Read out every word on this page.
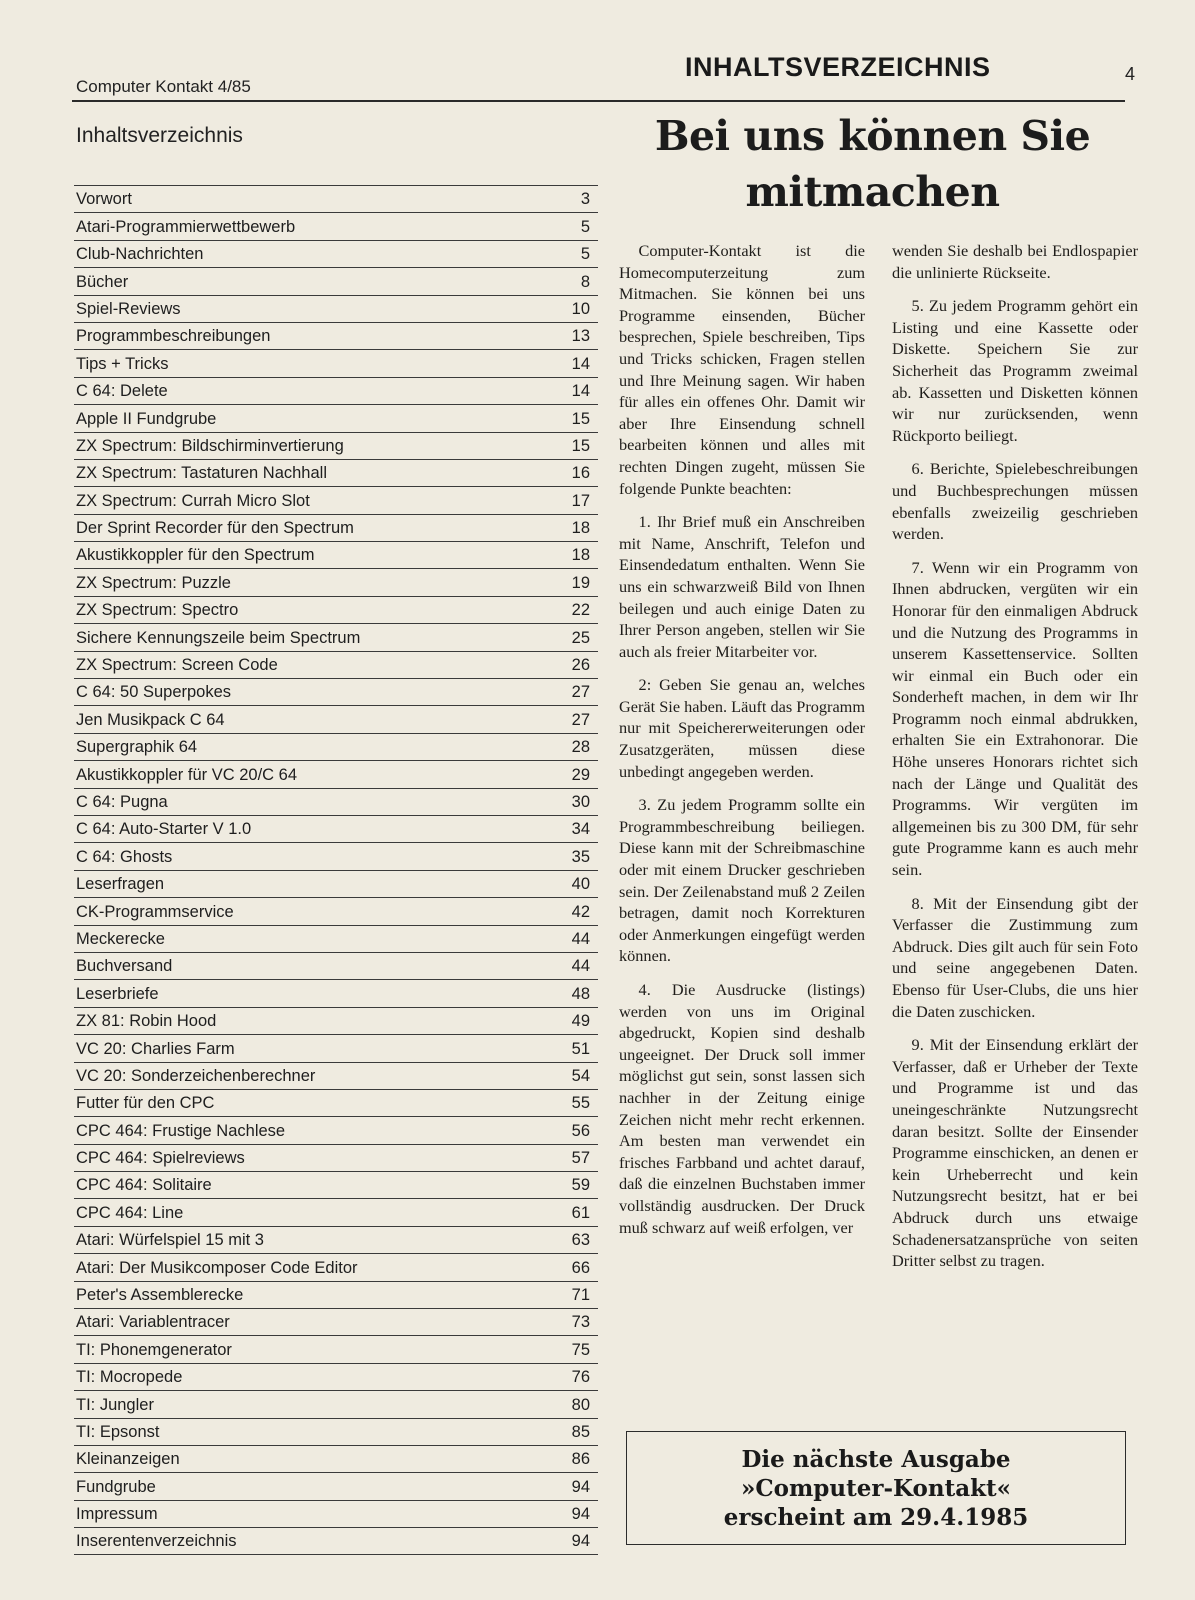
Computer Kontakt 4/85
INHALTSVERZEICHNIS	4
Inhaltsverzeichnis
Vorwort	3
Atari-Programmierwettbewerb	5
Club-Nachrichten	5
Bücher	8
Spiel-Reviews	10
Programmbeschreibungen	13
Tips + Tricks	14
C 64: Delete	14
Apple II Fundgrube	15
ZX Spectrum: Bildschirminvertierung	15
ZX Spectrum: Tastaturen Nachhall	16
ZX Spectrum: Currah Micro Slot	17
Der Sprint Recorder für den Spectrum	18
Akustikkoppler für den Spectrum	18
ZX Spectrum: Puzzle	19
ZX Spectrum: Spectro	22
Sichere Kennungszeile beim Spectrum	25
ZX Spectrum: Screen Code	26
C 64: 50 Superpokes	27
Jen Musikpack C 64	27
Supergraphik 64	28
Akustikkoppler für VC 20/C 64	29
C 64: Pugna	30
C 64: Auto-Starter V 1.0	34
C 64: Ghosts	35
Leserfragen	40
CK-Programmservice	42
Meckerecke	44
Buchversand	44
Leserbriefe	48
ZX 81: Robin Hood	49
VC 20: Charlies Farm	51
VC 20: Sonderzeichenberechner	54
Futter für den CPC	55
CPC 464: Frustige Nachlese	56
CPC 464: Spielreviews	57
CPC 464: Solitaire	59
CPC 464: Line	61
Atari: Würfelspiel 15 mit 3	63
Atari: Der Musikcomposer Code Editor	66
Peter's Assemblerecke	71
Atari: Variablentracer	73
TI: Phonemgenerator	75
TI: Mocropede	76
TI: Jungler	80
TI: Epsonst	85
Kleinanzeigen	86
Fundgrube	94
Impressum	94
Inserentenverzeichnis	94
Bei uns können Sie
mitmachen

Computer-Kontakt ist die Homecomputerzeitung zum Mitmachen. Sie können bei uns Programme einsenden, Bücher besprechen, Spiele beschreiben, Tips und Tricks schicken, Fragen stellen und Ihre Meinung sagen. Wir haben für alles ein offenes Ohr. Damit wir aber Ihre Einsendung schnell bearbeiten können und alles mit rechten Dingen zugeht, müssen Sie folgende Punkte beachten:

1. Ihr Brief muß ein Anschreiben mit Name, Anschrift, Telefon und Einsendedatum enthalten. Wenn Sie uns ein schwarzweiß Bild von Ihnen beilegen und auch einige Daten zu Ihrer Person angeben, stellen wir Sie auch als freier Mitarbeiter vor.

2: Geben Sie genau an, welches Gerät Sie haben. Läuft das Programm nur mit Speichererweiterungen oder Zusatzgeräten, müssen diese unbedingt angegeben werden.

3. Zu jedem Programm sollte ein Programmbeschreibung beiliegen. Diese kann mit der Schreibmaschine oder mit einem Drucker geschrieben sein. Der Zeilenabstand muß 2 Zeilen betragen, damit noch Korrekturen oder Anmerkungen eingefügt werden können.

4. Die Ausdrucke (listings) werden von uns im Original abgedruckt, Kopien sind deshalb ungeeignet. Der Druck soll immer möglichst gut sein, sonst lassen sich nachher in der Zeitung einige Zeichen nicht mehr recht erkennen. Am besten man verwendet ein frisches Farbband und achtet darauf, daß die einzelnen Buchstaben immer vollständig ausdrucken. Der Druck muß schwarz auf weiß erfolgen, ver

wenden Sie deshalb bei Endlospapier die unlinierte Rückseite.

5. Zu jedem Programm gehört ein Listing und eine Kassette oder Diskette. Speichern Sie zur Sicherheit das Programm zweimal ab. Kassetten und Disketten können wir nur zurücksenden, wenn Rückporto beiliegt.

6. Berichte, Spielebeschreibungen und Buchbesprechungen müssen ebenfalls zweizeilig geschrieben werden.

7. Wenn wir ein Programm von Ihnen abdrucken, vergüten wir ein Honorar für den einmaligen Abdruck und die Nutzung des Programms in unserem Kassettenservice. Sollten wir einmal ein Buch oder ein Sonderheft machen, in dem wir Ihr Programm noch einmal abdrukken, erhalten Sie ein Extrahonorar. Die Höhe unseres Honorars richtet sich nach der Länge und Qualität des Programms. Wir vergüten im allgemeinen bis zu 300 DM, für sehr gute Programme kann es auch mehr sein.

8. Mit der Einsendung gibt der Verfasser die Zustimmung zum Abdruck. Dies gilt auch für sein Foto und seine angegebenen Daten. Ebenso für User-Clubs, die uns hier die Daten zuschicken.

9. Mit der Einsendung erklärt der Verfasser, daß er Urheber der Texte und Programme ist und das uneingeschränkte Nutzungsrecht daran besitzt. Sollte der Einsender Programme einschicken, an denen er kein Urheberrecht und kein Nutzungsrecht besitzt, hat er bei Abdruck durch uns etwaige Schadenersatzansprüche von seiten Dritter selbst zu tragen.

Die nächste Ausgabe
»Computer-Kontakt«
erscheint am 29.4.1985
